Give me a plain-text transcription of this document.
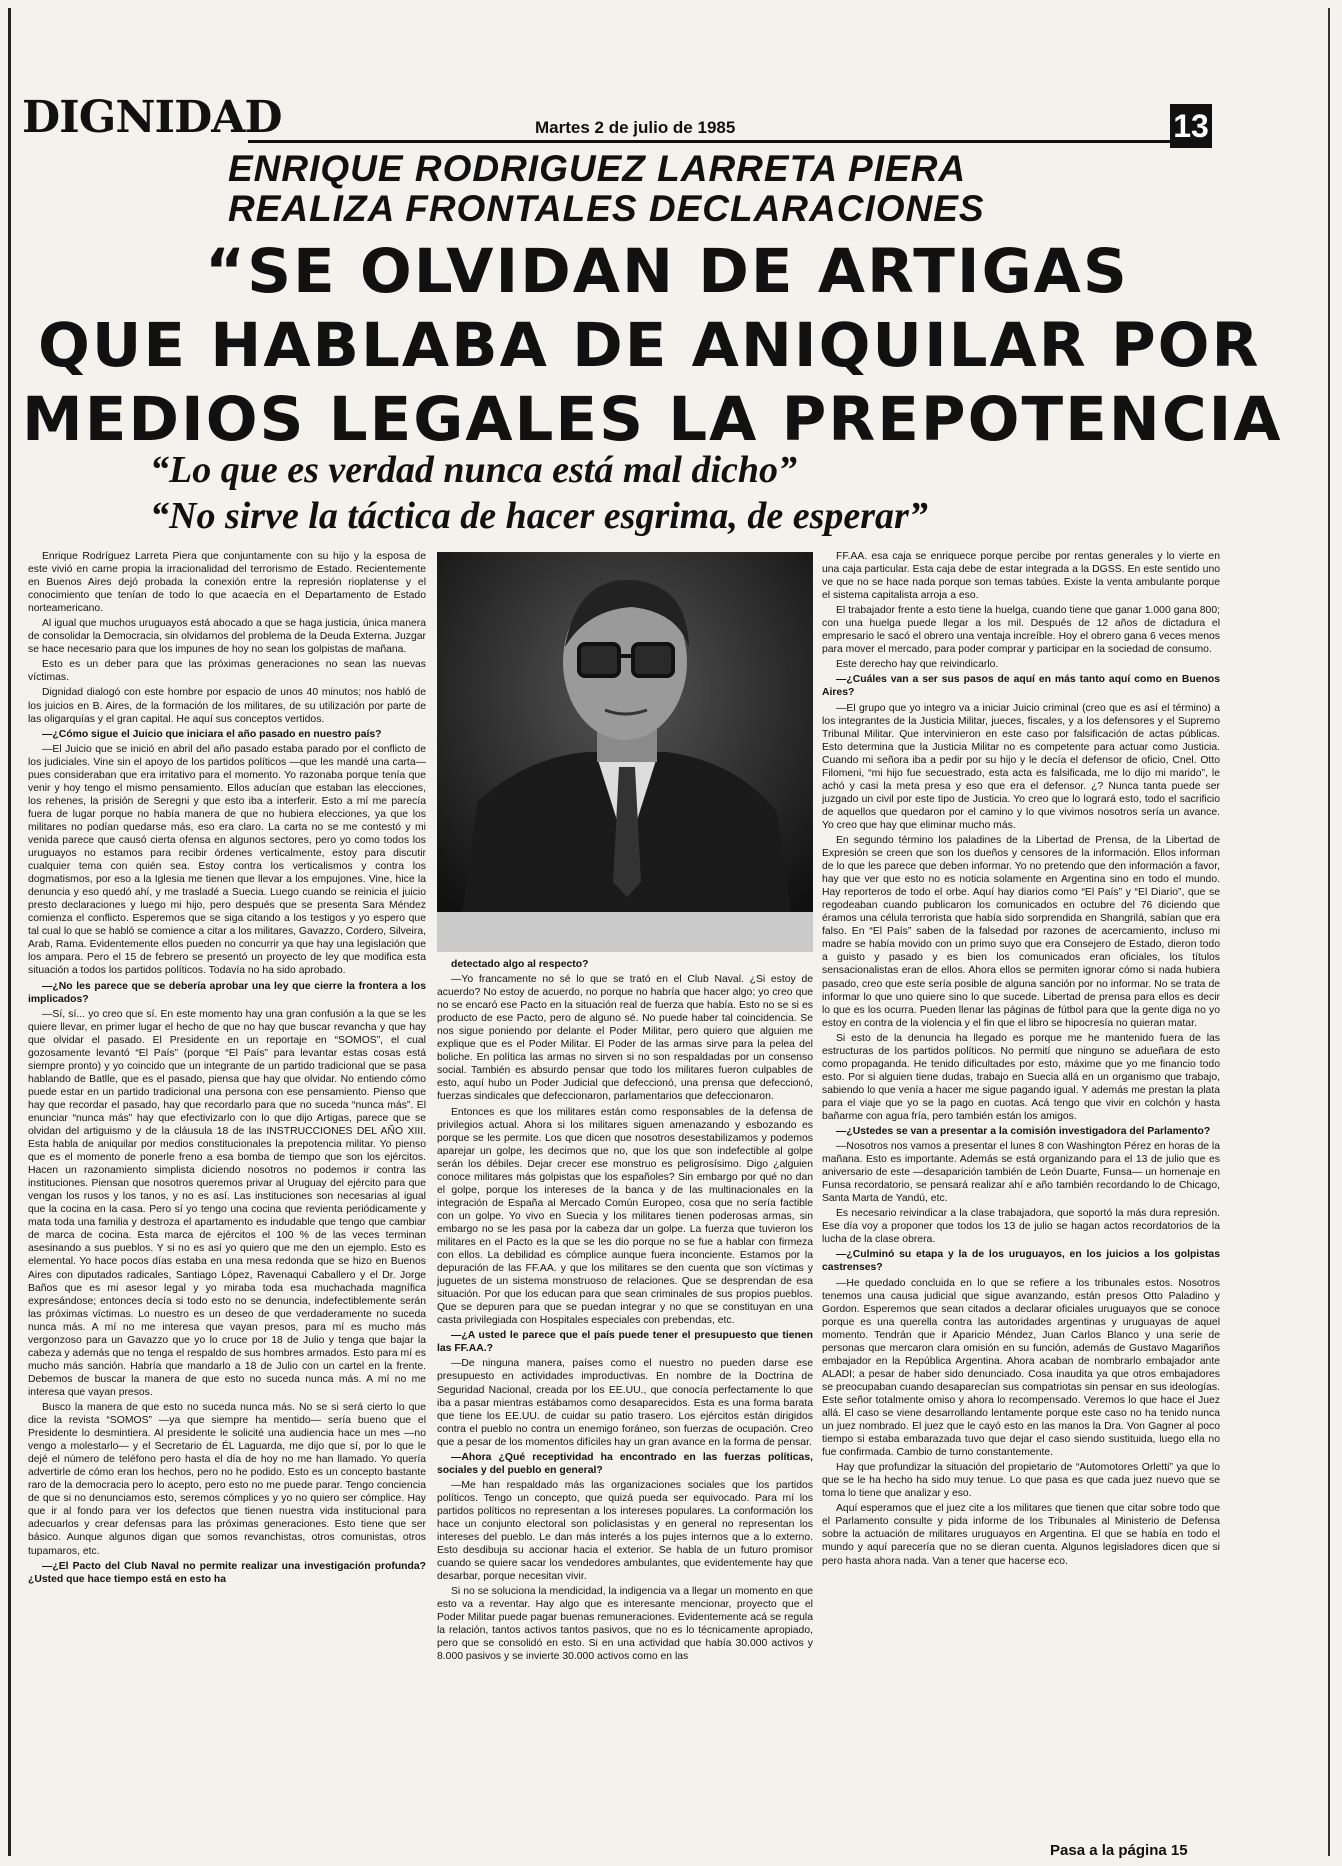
DIGNIDAD	Martes 2 de julio de 1985	13
ENRIQUE RODRIGUEZ LARRETA PIERA
REALIZA FRONTALES DECLARACIONES
“SE OLVIDAN DE ARTIGAS
QUE HABLABA DE ANIQUILAR POR
MEDIOS LEGALES LA PREPOTENCIA
“Lo que es verdad nunca está mal dicho”
“No sirve la táctica de hacer esgrima, de esperar”

Enrique Rodríguez Larreta Piera que conjuntamente con su hijo y la esposa de este vivió en carne propia la irracionalidad del terrorismo de Estado. Recientemente en Buenos Aires dejó probada la conexión entre la represión rioplatense y el conocimiento que tenían de todo lo que acaecía en el Departamento de Estado norteamericano.

Al igual que muchos uruguayos está abocado a que se haga justicia, única manera de consolidar la Democracia, sin olvidarnos del problema de la Deuda Externa. Juzgar se hace necesario para que los impunes de hoy no sean los golpistas de mañana.

Esto es un deber para que las próximas generaciones no sean las nuevas víctimas.

Dignidad dialogó con este hombre por espacio de unos 40 minutos; nos habló de los juicios en B. Aires, de la formación de los militares, de su utilización por parte de las oligarquías y el gran capital. He aquí sus conceptos vertidos.

—¿Cómo sigue el Juicio que iniciara el año pasado en nuestro país?

—El Juicio que se inició en abril del año pasado estaba parado por el conflicto de los judiciales. Vine sin el apoyo de los partidos políticos —que les mandé una carta— pues consideraban que era irritativo para el momento. Yo razonaba porque tenía que venir y hoy tengo el mismo pensamiento. Ellos aducían que estaban las elecciones, los rehenes, la prisión de Seregni y que esto iba a interferir. Esto a mí me parecía fuera de lugar porque no había manera de que no hubiera elecciones, ya que los militares no podían quedarse más, eso era claro. La carta no se me contestó y mi venida parece que causó cierta ofensa en algunos sectores, pero yo como todos los uruguayos no estamos para recibir órdenes verticalmente, estoy para discutir cualquier tema con quién sea. Estoy contra los verticalismos y contra los dogmatismos, por eso a la Iglesia me tienen que llevar a los empujones. Vine, hice la denuncia y eso quedó ahí, y me trasladé a Suecia. Luego cuando se reinicia el juicio presto declaraciones y luego mi hijo, pero después que se presenta Sara Méndez comienza el conflicto. Esperemos que se siga citando a los testigos y yo espero que tal cual lo que se habló se comience a citar a los militares, Gavazzo, Cordero, Silveira, Arab, Rama. Evidentemente ellos pueden no concurrir ya que hay una legislación que los ampara. Pero el 15 de febrero se presentó un proyecto de ley que modifica esta situación a todos los partidos políticos. Todavía no ha sido aprobado.

—¿No les parece que se debería aprobar una ley que cierre la frontera a los implicados?

—Sí, sí... yo creo que sí. En este momento hay una gran confusión a la que se les quiere llevar, en primer lugar el hecho de que no hay que buscar revancha y que hay que olvidar el pasado. El Presidente en un reportaje en “SOMOS”, el cual gozosamente levantó “El País” (porque “El País” para levantar estas cosas está siempre pronto) y yo coincido que un integrante de un partido tradicional que se pasa hablando de Batlle, que es el pasado, piensa que hay que olvidar. No entiendo cómo puede estar en un partido tradicional una persona con ese pensamiento. Pienso que hay que recordar el pasado, hay que recordarlo para que no suceda “nunca más”. El enunciar “nunca más” hay que efectivizarlo con lo que dijo Artigas, parece que se olvidan del artiguismo y de la cláusula 18 de las INSTRUCCIONES DEL AÑO XIII. Esta habla de aniquilar por medios constitucionales la prepotencia militar. Yo pienso que es el momento de ponerle freno a esa bomba de tiempo que son los ejércitos. Hacen un razonamiento simplista diciendo nosotros no podemos ir contra las instituciones. Piensan que nosotros queremos privar al Uruguay del ejército para que vengan los rusos y los tanos, y no es así. Las instituciones son necesarias al igual que la cocina en la casa. Pero sí yo tengo una cocina que revienta periódicamente y mata toda una familia y destroza el apartamento es indudable que tengo que cambiar de marca de cocina. Esta marca de ejércitos el 100 % de las veces terminan asesinando a sus pueblos. Y si no es así yo quiero que me den un ejemplo. Esto es elemental. Yo hace pocos días estaba en una mesa redonda que se hizo en Buenos Aires con diputados radicales, Santiago López, Ravenaqui Caballero y el Dr. Jorge Baños que es mi asesor legal y yo miraba toda esa muchachada magnífica expresándose; entonces decía si todo esto no se denuncia, indefectiblemente serán las próximas víctimas. Lo nuestro es un deseo de que verdaderamente no suceda nunca más. A mí no me interesa que vayan presos, para mí es mucho más vergonzoso para un Gavazzo que yo lo cruce por 18 de Julio y tenga que bajar la cabeza y además que no tenga el respaldo de sus hombres armados. Esto para mí es mucho más sanción. Habría que mandarlo a 18 de Julio con un cartel en la frente. Debemos de buscar la manera de que esto no suceda nunca más. A mí no me interesa que vayan presos.

Busco la manera de que esto no suceda nunca más. No se si será cierto lo que dice la revista “SOMOS” —ya que siempre ha mentido— sería bueno que el Presidente lo desmintiera. Al presidente le solicité una audiencia hace un mes —no vengo a molestarlo— y el Secretario de ÉL Laguarda, me dijo que sí, por lo que le dejé el número de teléfono pero hasta el día de hoy no me han llamado. Yo quería advertirle de cómo eran los hechos, pero no he podido. Esto es un concepto bastante raro de la democracia pero lo acepto, pero esto no me puede parar. Tengo conciencia de que si no denunciamos esto, seremos cómplices y yo no quiero ser cómplice. Hay que ir al fondo para ver los defectos que tienen nuestra vida institucional para adecuarlos y crear defensas para las próximas generaciones. Esto tiene que ser básico. Aunque algunos digan que somos revanchistas, otros comunistas, otros tupamaros, etc.

—¿El Pacto del Club Naval no permite realizar una investigación profunda? ¿Usted que hace tiempo está en esto ha

detectado algo al respecto?

—Yo francamente no sé lo que se trató en el Club Naval. ¿Si estoy de acuerdo? No estoy de acuerdo, no porque no habría que hacer algo; yo creo que no se encaró ese Pacto en la situación real de fuerza que había. Esto no se si es producto de ese Pacto, pero de alguno sé. No puede haber tal coincidencia. Se nos sigue poniendo por delante el Poder Militar, pero quiero que alguien me explique que es el Poder Militar. El Poder de las armas sirve para la pelea del boliche. En política las armas no sirven si no son respaldadas por un consenso social. También es absurdo pensar que todo los militares fueron culpables de esto, aquí hubo un Poder Judicial que defeccionó, una prensa que defeccionó, fuerzas sindicales que defeccionaron, parlamentarios que defeccionaron.

Entonces es que los militares están como responsables de la defensa de privilegios actual. Ahora si los militares siguen amenazando y esbozando es porque se les permite. Los que dicen que nosotros desestabilizamos y podemos aparejar un golpe, les decimos que no, que los que son indefectible al golpe serán los débiles. Dejar crecer ese monstruo es peligrosísimo. Digo ¿alguien conoce militares más golpistas que los españoles? Sin embargo por qué no dan el golpe, porque los intereses de la banca y de las multinacionales en la integración de España al Mercado Común Europeo, cosa que no sería factible con un golpe. Yo vivo en Suecia y los militares tienen poderosas armas, sin embargo no se les pasa por la cabeza dar un golpe. La fuerza que tuvieron los militares en el Pacto es la que se les dio porque no se fue a hablar con firmeza con ellos. La debilidad es cómplice aunque fuera inconciente. Estamos por la depuración de las FF.AA. y que los militares se den cuenta que son víctimas y juguetes de un sistema monstruoso de relaciones. Que se desprendan de esa situación. Por que los educan para que sean criminales de sus propios pueblos. Que se depuren para que se puedan integrar y no que se constituyan en una casta privilegiada con Hospitales especiales con prebendas, etc.

—¿A usted le parece que el país puede tener el presupuesto que tienen las FF.AA.?

—De ninguna manera, países como el nuestro no pueden darse ese presupuesto en actividades improductivas. En nombre de la Doctrina de Seguridad Nacional, creada por los EE.UU., que conocía perfectamente lo que iba a pasar mientras estábamos como desaparecidos. Esta es una forma barata que tiene los EE.UU. de cuidar su patio trasero. Los ejércitos están dirigidos contra el pueblo no contra un enemigo foráneo, son fuerzas de ocupación. Creo que a pesar de los momentos difíciles hay un gran avance en la forma de pensar.

—Ahora ¿Qué receptividad ha encontrado en las fuerzas políticas, sociales y del pueblo en general?

—Me han respaldado más las organizaciones sociales que los partidos políticos. Tengo un concepto, que quizá pueda ser equivocado. Para mí los partidos políticos no representan a los intereses populares. La conformación los hace un conjunto electoral son policlasistas y en general no representan los intereses del pueblo. Le dan más interés a los pujes internos que a lo externo. Esto desdibuja su accionar hacia el exterior. Se habla de un futuro promisor cuando se quiere sacar los vendedores ambulantes, que evidentemente hay que desarbar, porque necesitan vivir.

Si no se soluciona la mendicidad, la indigencia va a llegar un momento en que esto va a reventar. Hay algo que es interesante mencionar, proyecto que el Poder Militar puede pagar buenas remuneraciones. Evidentemente acá se regula la relación, tantos activos tantos pasivos, que no es lo técnicamente apropiado, pero que se consolidó en esto. Si en una actividad que había 30.000 activos y 8.000 pasivos y se invierte 30.000 activos como en las

FF.AA. esa caja se enriquece porque percibe por rentas generales y lo vierte en una caja particular. Esta caja debe de estar integrada a la DGSS. En este sentido uno ve que no se hace nada porque son temas tabúes. Existe la venta ambulante porque el sistema capitalista arroja a eso.

El trabajador frente a esto tiene la huelga, cuando tiene que ganar 1.000 gana 800; con una huelga puede llegar a los mil. Después de 12 años de dictadura el empresario le sacó el obrero una ventaja increíble. Hoy el obrero gana 6 veces menos para mover el mercado, para poder comprar y participar en la sociedad de consumo.

Este derecho hay que reivindicarlo.

—¿Cuáles van a ser sus pasos de aquí en más tanto aquí como en Buenos Aires?

—El grupo que yo integro va a iniciar Juicio criminal (creo que es así el término) a los integrantes de la Justicia Militar, jueces, fiscales, y a los defensores y el Supremo Tribunal Militar. Que intervinieron en este caso por falsificación de actas públicas. Esto determina que la Justicia Militar no es competente para actuar como Justicia. Cuando mi señora iba a pedir por su hijo y le decía el defensor de oficio, Cnel. Otto Filomeni, “mi hijo fue secuestrado, esta acta es falsificada, me lo dijo mi marido”, le achó y casi la meta presa y eso que era el defensor. ¿? Nunca tanta puede ser juzgado un civil por este tipo de Justicia. Yo creo que lo logrará esto, todo el sacrificio de aquellos que quedaron por el camino y lo que vivimos nosotros sería un avance. Yo creo que hay que eliminar mucho más.

En segundo término los paladines de la Libertad de Prensa, de la Libertad de Expresión se creen que son los dueños y censores de la información. Ellos informan de lo que les parece que deben informar. Yo no pretendo que den información a favor, hay que ver que esto no es noticia solamente en Argentina sino en todo el mundo. Hay reporteros de todo el orbe. Aquí hay diarios como “El País” y “El Diario”, que se regodeaban cuando publicaron los comunicados en octubre del 76 diciendo que éramos una célula terrorista que había sido sorprendida en Shangrilá, sabían que era falso. En “El País” saben de la falsedad por razones de acercamiento, incluso mi madre se había movido con un primo suyo que era Consejero de Estado, dieron todo a guisto y pasado y es bien los comunicados eran oficiales, los títulos sensacionalistas eran de ellos. Ahora ellos se permiten ignorar cómo si nada hubiera pasado, creo que este sería posible de alguna sanción por no informar. No se trata de informar lo que uno quiere sino lo que sucede. Libertad de prensa para ellos es decir lo que es los ocurra. Pueden llenar las páginas de fútbol para que la gente diga no yo estoy en contra de la violencia y el fin que el libro se hipocresía no quieran matar.

Si esto de la denuncia ha llegado es porque me he mantenido fuera de las estructuras de los partidos políticos. No permití que ninguno se adueñara de esto como propaganda. He tenido dificultades por esto, máxime que yo me financio todo esto. Por si alguien tiene dudas, trabajo en Suecia allá en un organismo que trabajo, sabiendo lo que venía a hacer me sigue pagando igual. Y además me prestan la plata para el viaje que yo se la pago en cuotas. Acá tengo que vivir en colchón y hasta bañarme con agua fría, pero también están los amigos.

—¿Ustedes se van a presentar a la comisión investigadora del Parlamento?

—Nosotros nos vamos a presentar el lunes 8 con Washington Pérez en horas de la mañana. Esto es importante. Además se está organizando para el 13 de julio que es aniversario de este —desaparición también de León Duarte, Funsa— un homenaje en Funsa recordatorio, se pensará realizar ahí e año también recordando lo de Chicago, Santa Marta de Yandú, etc.

Es necesario reivindicar a la clase trabajadora, que soportó la más dura represión. Ese día voy a proponer que todos los 13 de julio se hagan actos recordatorios de la lucha de la clase obrera.

—¿Culminó su etapa y la de los uruguayos, en los juicios a los golpistas castrenses?

—He quedado concluida en lo que se refiere a los tribunales estos. Nosotros tenemos una causa judicial que sigue avanzando, están presos Otto Paladino y Gordon. Esperemos que sean citados a declarar oficiales uruguayos que se conoce porque es una querella contra las autoridades argentinas y uruguayas de aquel momento. Tendrán que ir Aparicio Méndez, Juan Carlos Blanco y una serie de personas que mercaron clara omisión en su función, además de Gustavo Magariños embajador en la República Argentina. Ahora acaban de nombrarlo embajador ante ALADI; a pesar de haber sido denunciado. Cosa inaudita ya que otros embajadores se preocupaban cuando desaparecían sus compatriotas sin pensar en sus ideologías. Este señor totalmente omiso y ahora lo recompensado. Veremos lo que hace el Juez allá. El caso se viene desarrollando lentamente porque este caso no ha tenido nunca un juez nombrado. El juez que le cayó esto en las manos la Dra. Von Gagner al poco tiempo si estaba embarazada tuvo que dejar el caso siendo sustituida, luego ella no fue confirmada. Cambio de turno constantemente.

Hay que profundizar la situación del propietario de “Automotores Orletti” ya que lo que se le ha hecho ha sido muy tenue. Lo que pasa es que cada juez nuevo que se toma lo tiene que analizar y eso.

Aquí esperamos que el juez cite a los militares que tienen que citar sobre todo que el Parlamento consulte y pida informe de los Tribunales al Ministerio de Defensa sobre la actuación de militares uruguayos en Argentina. El que se había en todo el mundo y aquí parecería que no se dieran cuenta. Algunos legisladores dicen que si pero hasta ahora nada. Van a tener que hacerse eco.

Pasa a la página 15
